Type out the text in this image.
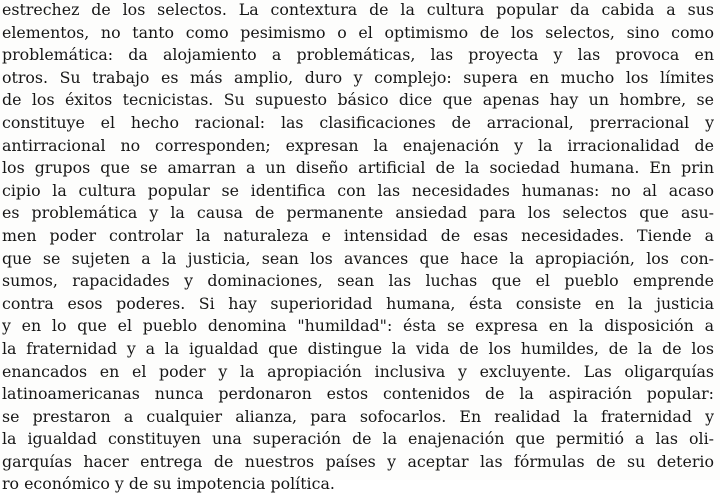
estrechez de los selectos. La contextura de la cultura popular da cabida a sus
elementos, no tanto como pesimismo o el optimismo de los selectos, sino como
problemática: da alojamiento a problemáticas, las proyecta y las provoca en
otros. Su trabajo es más amplio, duro y complejo: supera en mucho los límites
de los éxitos tecnicistas. Su supuesto básico dice que apenas hay un hombre, se
constituye el hecho racional: las clasificaciones de arracional, prerracional y
antirracional no corresponden; expresan la enajenación y la irracionalidad de
los grupos que se amarran a un diseño artificial de la sociedad humana. En prin
cipio la cultura popular se identifica con las necesidades humanas: no al acaso
es problemática y la causa de permanente ansiedad para los selectos que asu-
men poder controlar la naturaleza e intensidad de esas necesidades. Tiende a
que se sujeten a la justicia, sean los avances que hace la apropiación, los con-
sumos, rapacidades y dominaciones, sean las luchas que el pueblo emprende
contra esos poderes. Si hay superioridad humana, ésta consiste en la justicia
y en lo que el pueblo denomina "humildad": ésta se expresa en la disposición a
la fraternidad y a la igualdad que distingue la vida de los humildes, de la de los
enancados en el poder y la apropiación inclusiva y excluyente. Las oligarquías
latinoamericanas nunca perdonaron estos contenidos de la aspiración popular:
se prestaron a cualquier alianza, para sofocarlos. En realidad la fraternidad y
la igualdad constituyen una superación de la enajenación que permitió a las oli-
garquías hacer entrega de nuestros países y aceptar las fórmulas de su deterio
ro económico y de su impotencia política.
